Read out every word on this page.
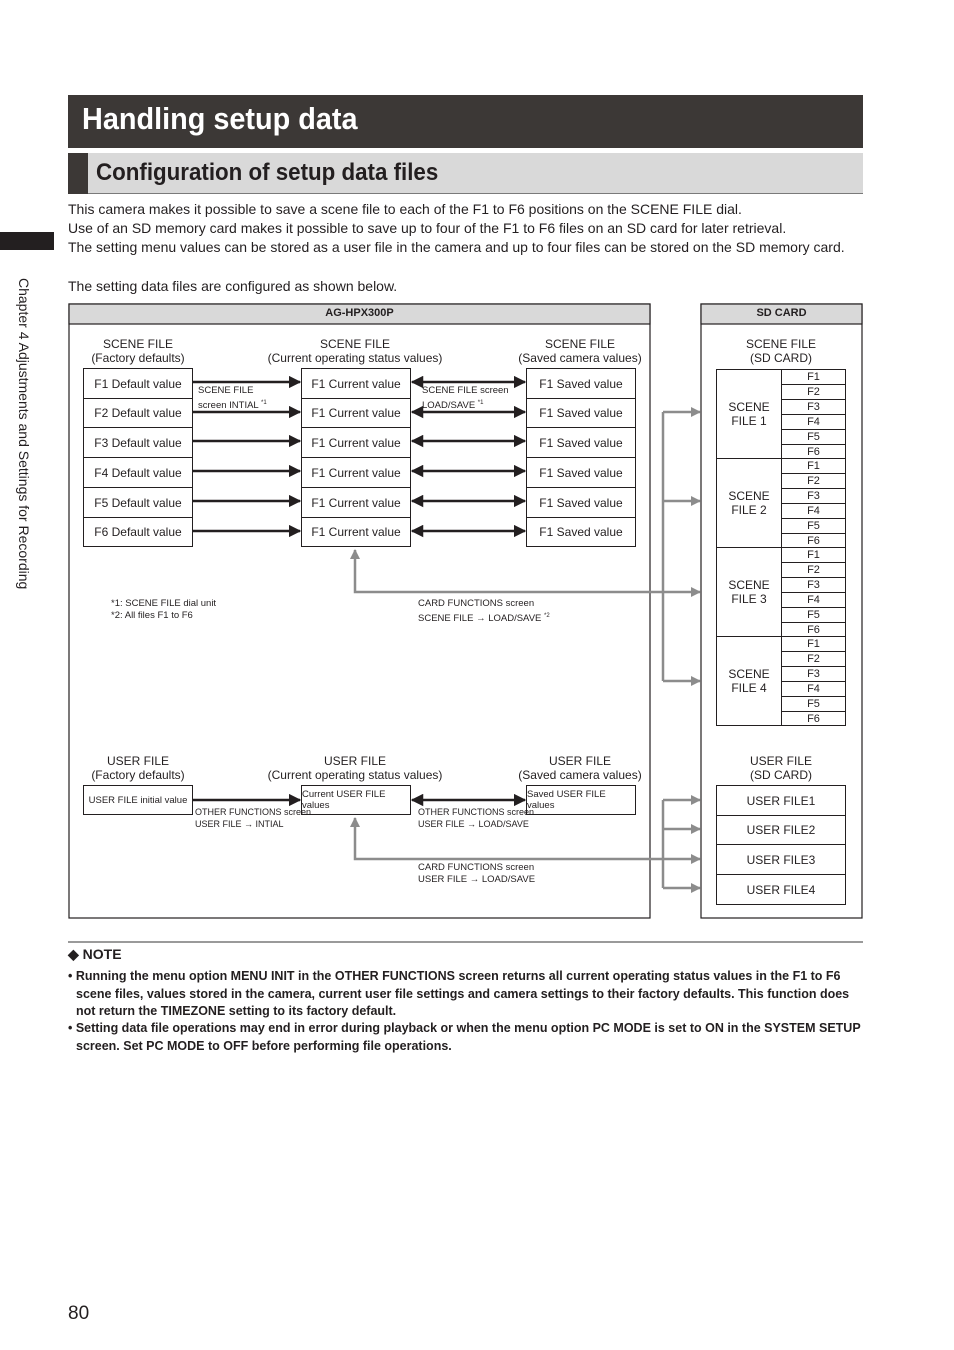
Handling setup data
Configuration of setup data files
Chapter 4 Adjustments and Settings for Recording
This camera makes it possible to save a scene file to each of the F1 to F6 positions on the SCENE FILE dial.
Use of an SD memory card makes it possible to save up to four of the F1 to F6 files on an SD card for later retrieval.
The setting menu values can be stored as a user file in the camera and up to four files can be stored on the SD memory card.
The setting data files are configured as shown below.
AG-HPX300P	SD CARD
SCENE FILE
(Factory defaults)
SCENE FILE
(Current operating status values)
SCENE FILE
(Saved camera values)
SCENE FILE
(SD CARD)
F1 Default value
F2 Default value
F3 Default value
F4 Default value
F5 Default value
F6 Default value
F1 Current value
F1 Current value
F1 Current value
F1 Current value
F1 Current value
F1 Current value
F1 Saved value
F1 Saved value
F1 Saved value
F1 Saved value
F1 Saved value
F1 Saved value
SCENE FILE
screen INTIAL $^{*1}$
SCENE FILE screen
LOAD/SAVE $^{*1}$
*1: SCENE FILE dial unit
*2: All files F1 to F6
CARD FUNCTIONS screen
SCENE FILE → LOAD/SAVE $^{*2}$
SCENE
FILE 1
F1
F2
F3
F4
F5
F6
SCENE
FILE 2
F1
F2
F3
F4
F5
F6
SCENE
FILE 3
F1
F2
F3
F4
F5
F6
SCENE
FILE 4
F1
F2
F3
F4
F5
F6
USER FILE
(Factory defaults)
USER FILE
(Current operating status values)
USER FILE
(Saved camera values)
USER FILE
(SD CARD)
USER FILE initial value	Current USER FILE values
Saved USER FILE values
OTHER FUNCTIONS screen
USER FILE → INTIAL
OTHER FUNCTIONS screen
USER FILE → LOAD/SAVE
CARD FUNCTIONS screen
USER FILE → LOAD/SAVE
USER FILE1
USER FILE2
USER FILE3
USER FILE4
◆ NOTE
• Running the menu option MENU INIT in the OTHER FUNCTIONS screen returns all current operating status values in the F1 to F6 scene files, values stored in the camera, current user file settings and camera settings to their factory defaults. This function does not return the TIMEZONE setting to its factory default.
• Setting data file operations may end in error during playback or when the menu option PC MODE is set to ON in the SYSTEM SETUP screen. Set PC MODE to OFF before performing file operations.
80
